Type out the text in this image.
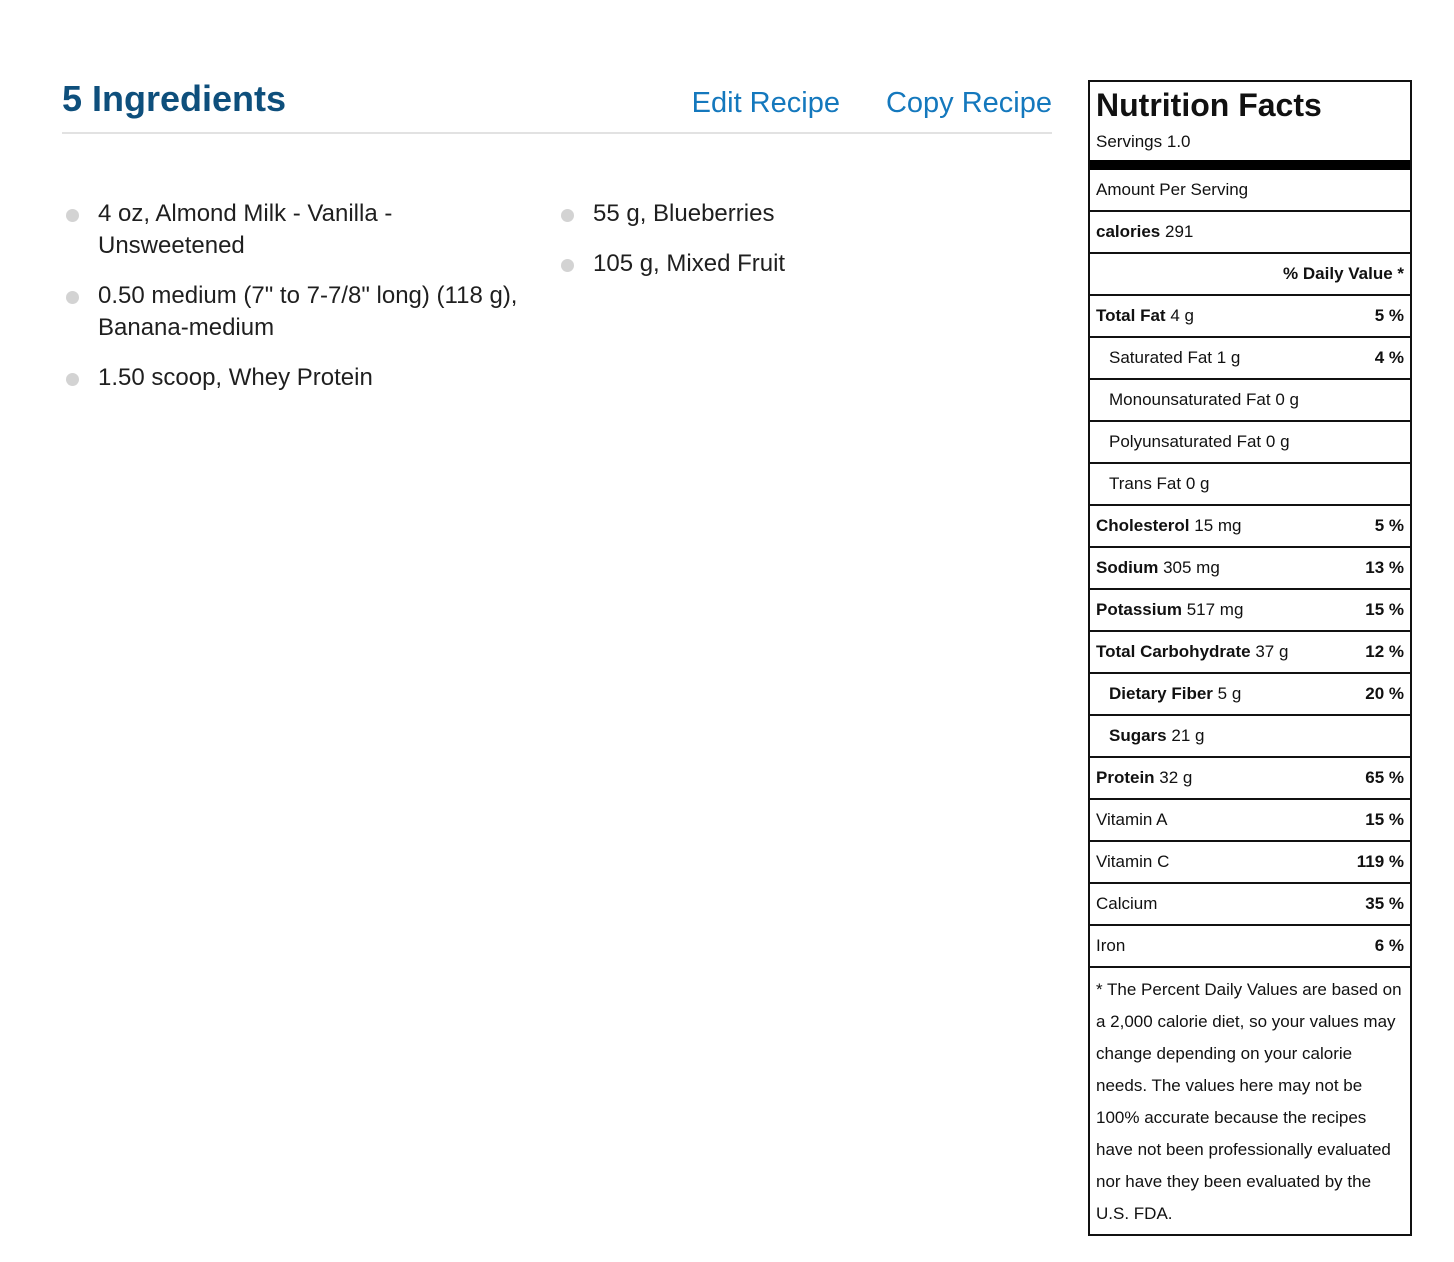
5 Ingredients	Edit Recipe Copy Recipe
4 oz, Almond Milk - Vanilla - Unsweetened
0.50 medium (7" to 7-7/8" long) (118 g), Banana-medium
1.50 scoop, Whey Protein
55 g, Blueberries
105 g, Mixed Fruit
Nutrition Facts
Servings 1.0
Amount Per Serving
calories 291
% Daily Value *
Total Fat 4 g	5 %
Saturated Fat 1 g	4 %
Monounsaturated Fat 0 g
Polyunsaturated Fat 0 g
Trans Fat 0 g
Cholesterol 15 mg	5 %
Sodium 305 mg	13 %
Potassium 517 mg	15 %
Total Carbohydrate 37 g	12 %
Dietary Fiber 5 g	20 %
Sugars 21 g
Protein 32 g	65 %
Vitamin A	15 %
Vitamin C	119 %
Calcium	35 %
Iron	6 %
* The Percent Daily Values are based on a 2,000 calorie diet, so your values may change depending on your calorie needs. The values here may not be 100% accurate because the recipes have not been professionally evaluated nor have they been evaluated by the U.S. FDA.
